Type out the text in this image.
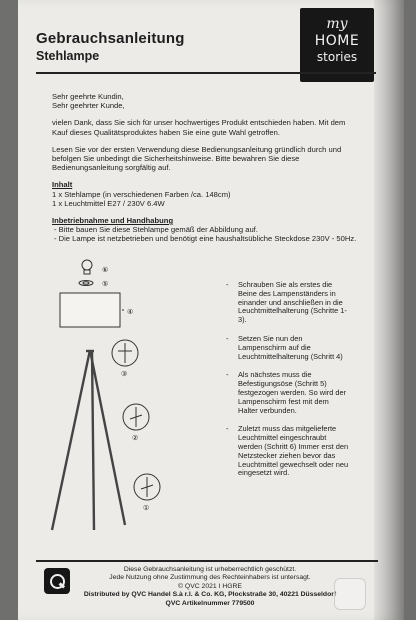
Gebrauchsanleitung
Stehlampe
my
HOME
stories

Sehr geehrte Kundin,
Sehr geehrter Kunde,

vielen Dank, dass Sie sich für unser hochwertiges Produkt entschieden haben. Mit dem Kauf dieses Qualitätsproduktes haben Sie eine gute Wahl getroffen.

Lesen Sie vor der ersten Verwendung diese Bedienungsanleitung gründlich durch und befolgen Sie unbedingt die Sicherheitshinweise. Bitte bewahren Sie diese Bedienungsanleitung sorgfältig auf.

Inhalt
1 x Stehlampe (in verschiedenen Farben /ca. 148cm)
1 x Leuchtmittel E27 / 230V 6.4W
Inbetriebnahme und Handhabung
- Bitte bauen Sie diese Stehlampe gemäß der Abbildung auf.
- Die Lampe ist netzbetrieben und benötigt eine haushaltsübliche Steckdose 230V - 50Hz.
⑥
⑤
④
③
②
①
- Schrauben Sie als erstes die Beine des Lampenständers in einander und anschließen in die Leuchtmittelhalterung (Schritte 1-3).
- Setzen Sie nun den Lampenschirm auf die Leuchtmittelhalterung (Schritt 4)
- Als nächstes muss die Befestigungsöse (Schritt 5) festgezogen werden. So wird der Lampenschirm fest mit dem Halter verbunden.
- Zuletzt muss das mitgelieferte Leuchtmittel eingeschraubt werden (Schritt 6) Immer erst den Netzstecker ziehen bevor das Leuchtmittel gewechselt oder neu eingesetzt wird.
Diese Gebrauchsanleitung ist urheberrechtlich geschützt.
Jede Nutzung ohne Zustimmung des Rechteinhabers ist untersagt.
© QVC 2021 I HGRE
Distributed by QVC Handel S.à r.l. & Co. KG, Plockstraße 30, 40221 Düsseldorf
QVC Artikelnummer 779500
